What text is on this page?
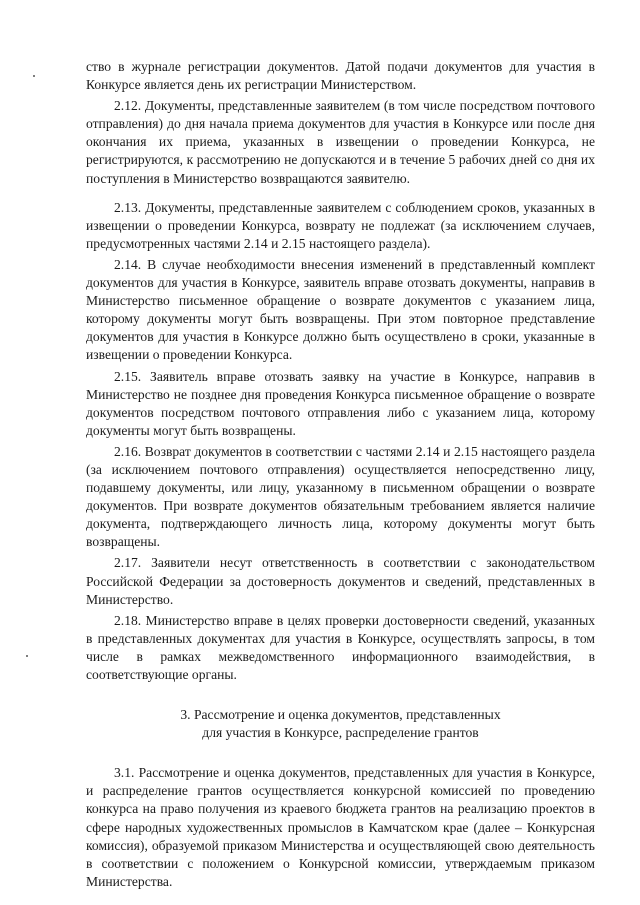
ство в журнале регистрации документов. Датой подачи документов для участия в Конкурсе является день их регистрации Министерством.

2.12. Документы, представленные заявителем (в том числе посредством почтового отправления) до дня начала приема документов для участия в Конкурсе или после дня окончания их приема, указанных в извещении о проведении Конкурса, не регистрируются, к рассмотрению не допускаются и в течение 5 рабочих дней со дня их поступления в Министерство возвращаются заявителю.

2.13. Документы, представленные заявителем с соблюдением сроков, указанных в извещении о проведении Конкурса, возврату не подлежат (за исключением случаев, предусмотренных частями 2.14 и 2.15 настоящего раздела).

2.14. В случае необходимости внесения изменений в представленный комплект документов для участия в Конкурсе, заявитель вправе отозвать документы, направив в Министерство письменное обращение о возврате документов с указанием лица, которому документы могут быть возвращены. При этом повторное представление документов для участия в Конкурсе должно быть осуществлено в сроки, указанные в извещении о проведении Конкурса.

2.15. Заявитель вправе отозвать заявку на участие в Конкурсе, направив в Министерство не позднее дня проведения Конкурса письменное обращение о возврате документов посредством почтового отправления либо с указанием лица, которому документы могут быть возвращены.

2.16. Возврат документов в соответствии с частями 2.14 и 2.15 настоящего раздела (за исключением почтового отправления) осуществляется непосредственно лицу, подавшему документы, или лицу, указанному в письменном обращении о возврате документов. При возврате документов обязательным требованием является наличие документа, подтверждающего личность лица, которому документы могут быть возвращены.

2.17. Заявители несут ответственность в соответствии с законодательством Российской Федерации за достоверность документов и сведений, представленных в Министерство.

2.18. Министерство вправе в целях проверки достоверности сведений, указанных в представленных документах для участия в Конкурсе, осуществлять запросы, в том числе в рамках межведомственного информационного взаимодействия, в соответствующие органы.

3. Рассмотрение и оценка документов, представленных
для участия в Конкурсе, распределение грантов

3.1. Рассмотрение и оценка документов, представленных для участия в Конкурсе, и распределение грантов осуществляется конкурсной комиссией по проведению конкурса на право получения из краевого бюджета грантов на реализацию проектов в сфере народных художественных промыслов в Камчатском крае (далее – Конкурсная комиссия), образуемой приказом Министерства и осуществляющей свою деятельность в соответствии с положением о Конкурсной комиссии, утверждаемым приказом Министерства.
